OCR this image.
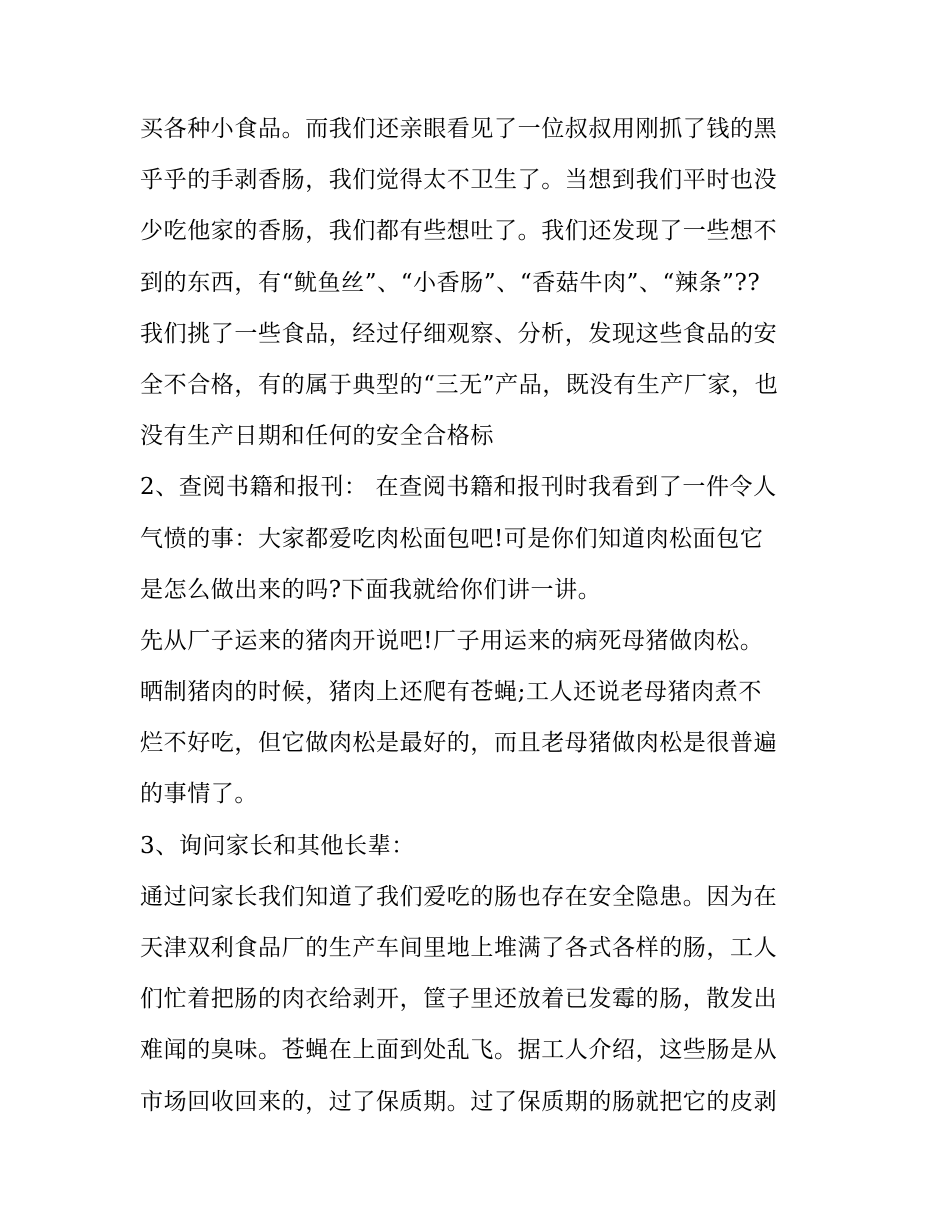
买各种小食品。而我们还亲眼看见了一位叔叔用刚抓了钱的黑
乎乎的手剥香肠，我们觉得太不卫生了。当想到我们平时也没
少吃他家的香肠，我们都有些想吐了。我们还发现了一些想不
到的东西，有“鱿鱼丝”、“小香肠”、“香菇牛肉”、“辣条”??
我们挑了一些食品，经过仔细观察、分析，发现这些食品的安
全不合格，有的属于典型的“三无”产品，既没有生产厂家，也
没有生产日期和任何的安全合格标
2、查阅书籍和报刊： 在查阅书籍和报刊时我看到了一件令人
气愤的事：大家都爱吃肉松面包吧!可是你们知道肉松面包它
是怎么做出来的吗?下面我就给你们讲一讲。
先从厂子运来的猪肉开说吧!厂子用运来的病死母猪做肉松。
晒制猪肉的时候，猪肉上还爬有苍蝇;工人还说老母猪肉煮不
烂不好吃，但它做肉松是最好的，而且老母猪做肉松是很普遍
的事情了。
3、询问家长和其他长辈：
通过问家长我们知道了我们爱吃的肠也存在安全隐患。因为在
天津双利食品厂的生产车间里地上堆满了各式各样的肠，工人
们忙着把肠的肉衣给剥开，筐子里还放着已发霉的肠，散发出
难闻的臭味。苍蝇在上面到处乱飞。据工人介绍，这些肠是从
市场回收回来的，过了保质期。过了保质期的肠就把它的皮剥
